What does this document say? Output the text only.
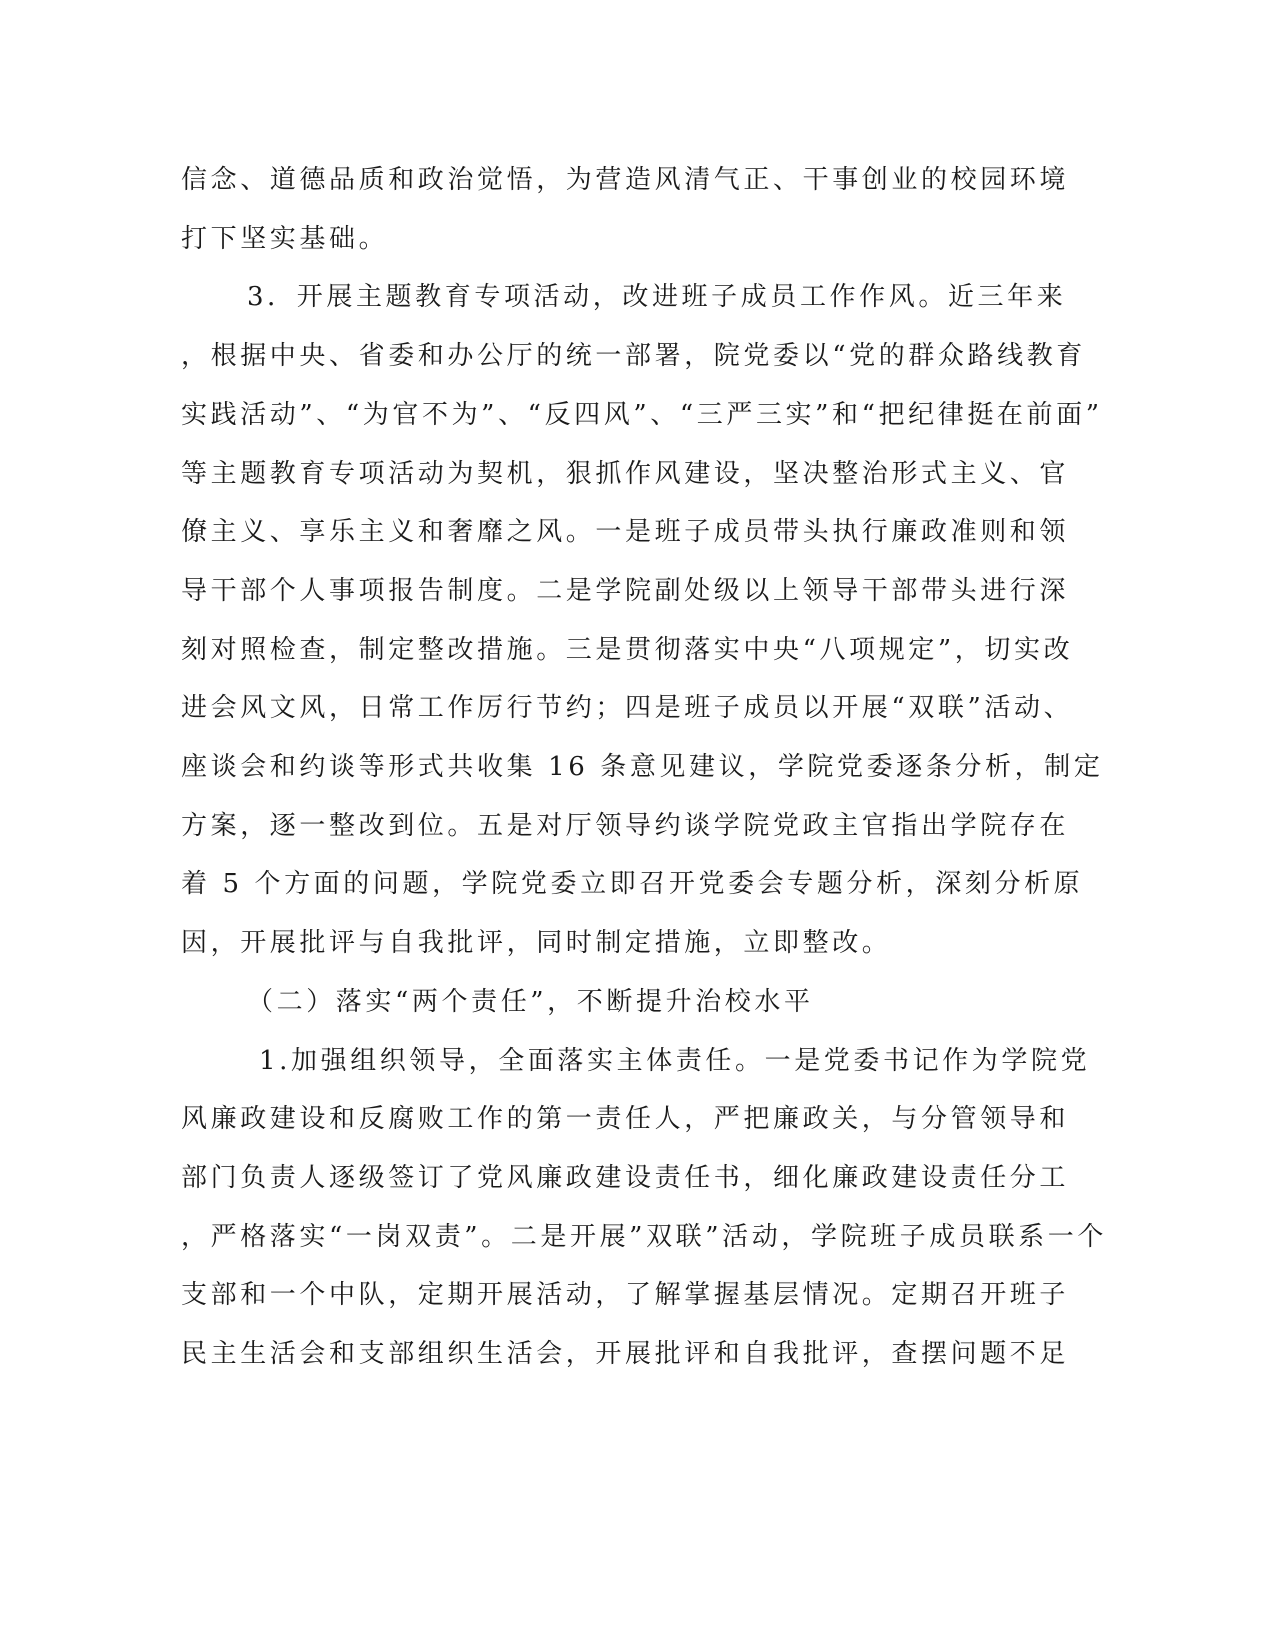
信念、道德品质和政治觉悟，为营造风清气正、干事创业的校园环境
打下坚实基础。
3．开展主题教育专项活动，改进班子成员工作作风。近三年来
，根据中央、省委和办公厅的统一部署，院党委以“党的群众路线教育
实践活动”、“为官不为”、“反四风”、“三严三实”和“把纪律挺在前面”
等主题教育专项活动为契机，狠抓作风建设，坚决整治形式主义、官
僚主义、享乐主义和奢靡之风。一是班子成员带头执行廉政准则和领
导干部个人事项报告制度。二是学院副处级以上领导干部带头进行深
刻对照检查，制定整改措施。三是贯彻落实中央“八项规定”，切实改
进会风文风，日常工作厉行节约；四是班子成员以开展“双联”活动、
座谈会和约谈等形式共收集 16 条意见建议，学院党委逐条分析，制定
方案，逐一整改到位。五是对厅领导约谈学院党政主官指出学院存在
着 5 个方面的问题，学院党委立即召开党委会专题分析，深刻分析原
因，开展批评与自我批评，同时制定措施，立即整改。
（二）落实“两个责任”，不断提升治校水平
1.加强组织领导，全面落实主体责任。一是党委书记作为学院党
风廉政建设和反腐败工作的第一责任人，严把廉政关，与分管领导和
部门负责人逐级签订了党风廉政建设责任书，细化廉政建设责任分工
，严格落实“一岗双责”。二是开展”双联”活动，学院班子成员联系一个
支部和一个中队，定期开展活动，了解掌握基层情况。定期召开班子
民主生活会和支部组织生活会，开展批评和自我批评，查摆问题不足
